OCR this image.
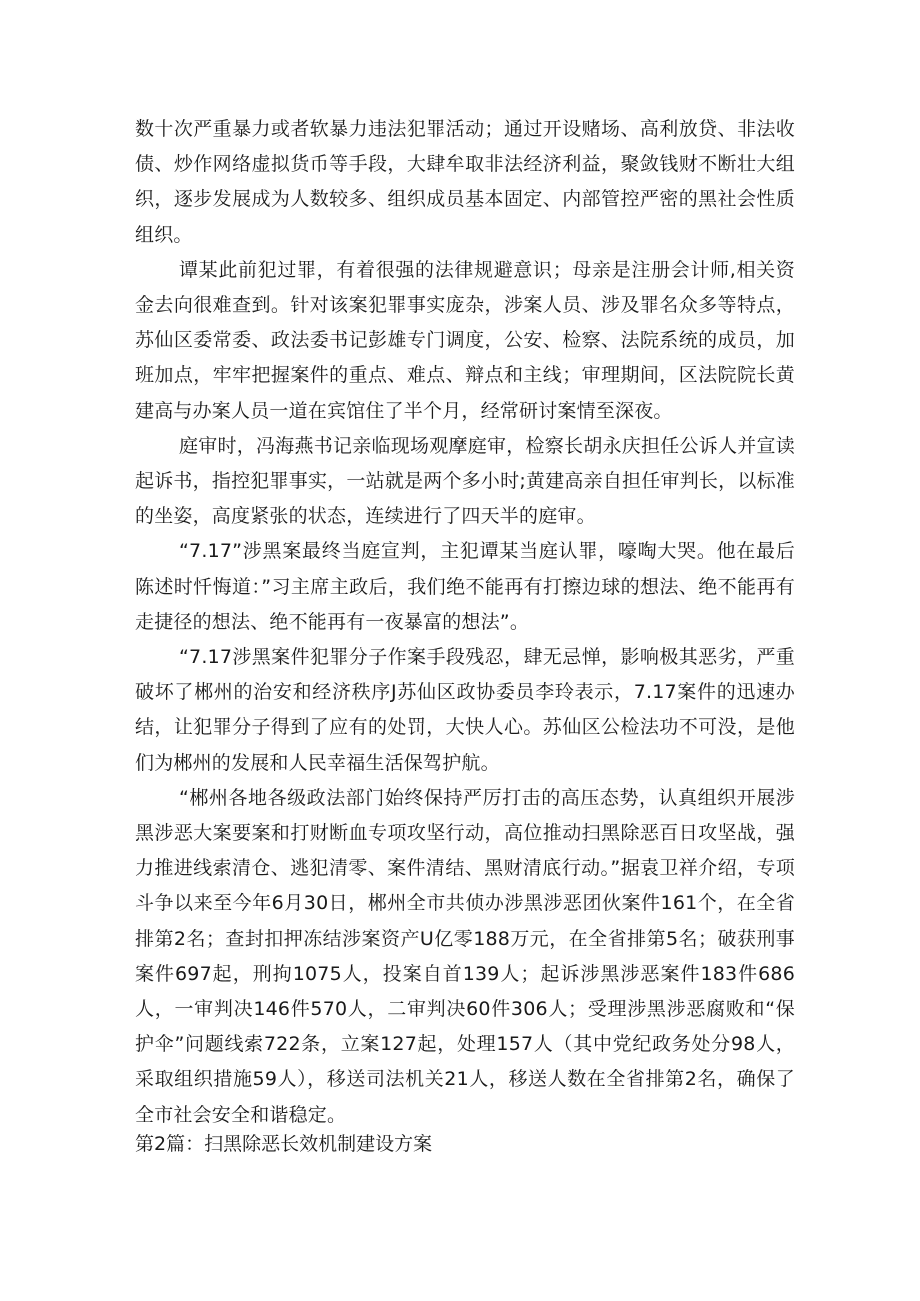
数十次严重暴力或者软暴力违法犯罪活动；通过开设赌场、高利放贷、非法收债、炒作网络虚拟货币等手段，大肆牟取非法经济利益，聚敛钱财不断壮大组织，逐步发展成为人数较多、组织成员基本固定、内部管控严密的黑社会性质组织。

谭某此前犯过罪，有着很强的法律规避意识；母亲是注册会计师,相关资金去向很难查到。针对该案犯罪事实庞杂，涉案人员、涉及罪名众多等特点，苏仙区委常委、政法委书记彭雄专门调度，公安、检察、法院系统的成员，加班加点，牢牢把握案件的重点、难点、辩点和主线；审理期间，区法院院长黄建高与办案人员一道在宾馆住了半个月，经常研讨案情至深夜。

庭审时，冯海燕书记亲临现场观摩庭审，检察长胡永庆担任公诉人并宣读起诉书，指控犯罪事实，一站就是两个多小时;黄建高亲自担任审判长，以标准的坐姿，高度紧张的状态，连续进行了四天半的庭审。

“7.17”涉黑案最终当庭宣判，主犯谭某当庭认罪，嚎啕大哭。他在最后陈述时忏悔道：”习主席主政后，我们绝不能再有打擦边球的想法、绝不能再有走捷径的想法、绝不能再有一夜暴富的想法”。

“7.17涉黑案件犯罪分子作案手段残忍，肆无忌惮，影响极其恶劣，严重破坏了郴州的治安和经济秩序J苏仙区政协委员李玲表示，7.17案件的迅速办结，让犯罪分子得到了应有的处罚，大快人心。苏仙区公检法功不可没，是他们为郴州的发展和人民幸福生活保驾护航。

“郴州各地各级政法部门始终保持严厉打击的高压态势，认真组织开展涉黑涉恶大案要案和打财断血专项攻坚行动，高位推动扫黑除恶百日攻坚战，强力推进线索清仓、逃犯清零、案件清结、黑财清底行动。”据袁卫祥介绍，专项斗争以来至今年6月30日，郴州全市共侦办涉黑涉恶团伙案件161个，在全省排第2名；查封扣押冻结涉案资产U亿零188万元，在全省排第5名；破获刑事案件697起，刑拘1075人，投案自首139人；起诉涉黑涉恶案件183件686人，一审判决146件570人，二审判决60件306人；受理涉黑涉恶腐败和“保护伞”问题线索722条，立案127起，处理157人（其中党纪政务处分98人，采取组织措施59人），移送司法机关21人，移送人数在全省排第2名，确保了全市社会安全和谐稳定。

第2篇：扫黑除恶长效机制建设方案
